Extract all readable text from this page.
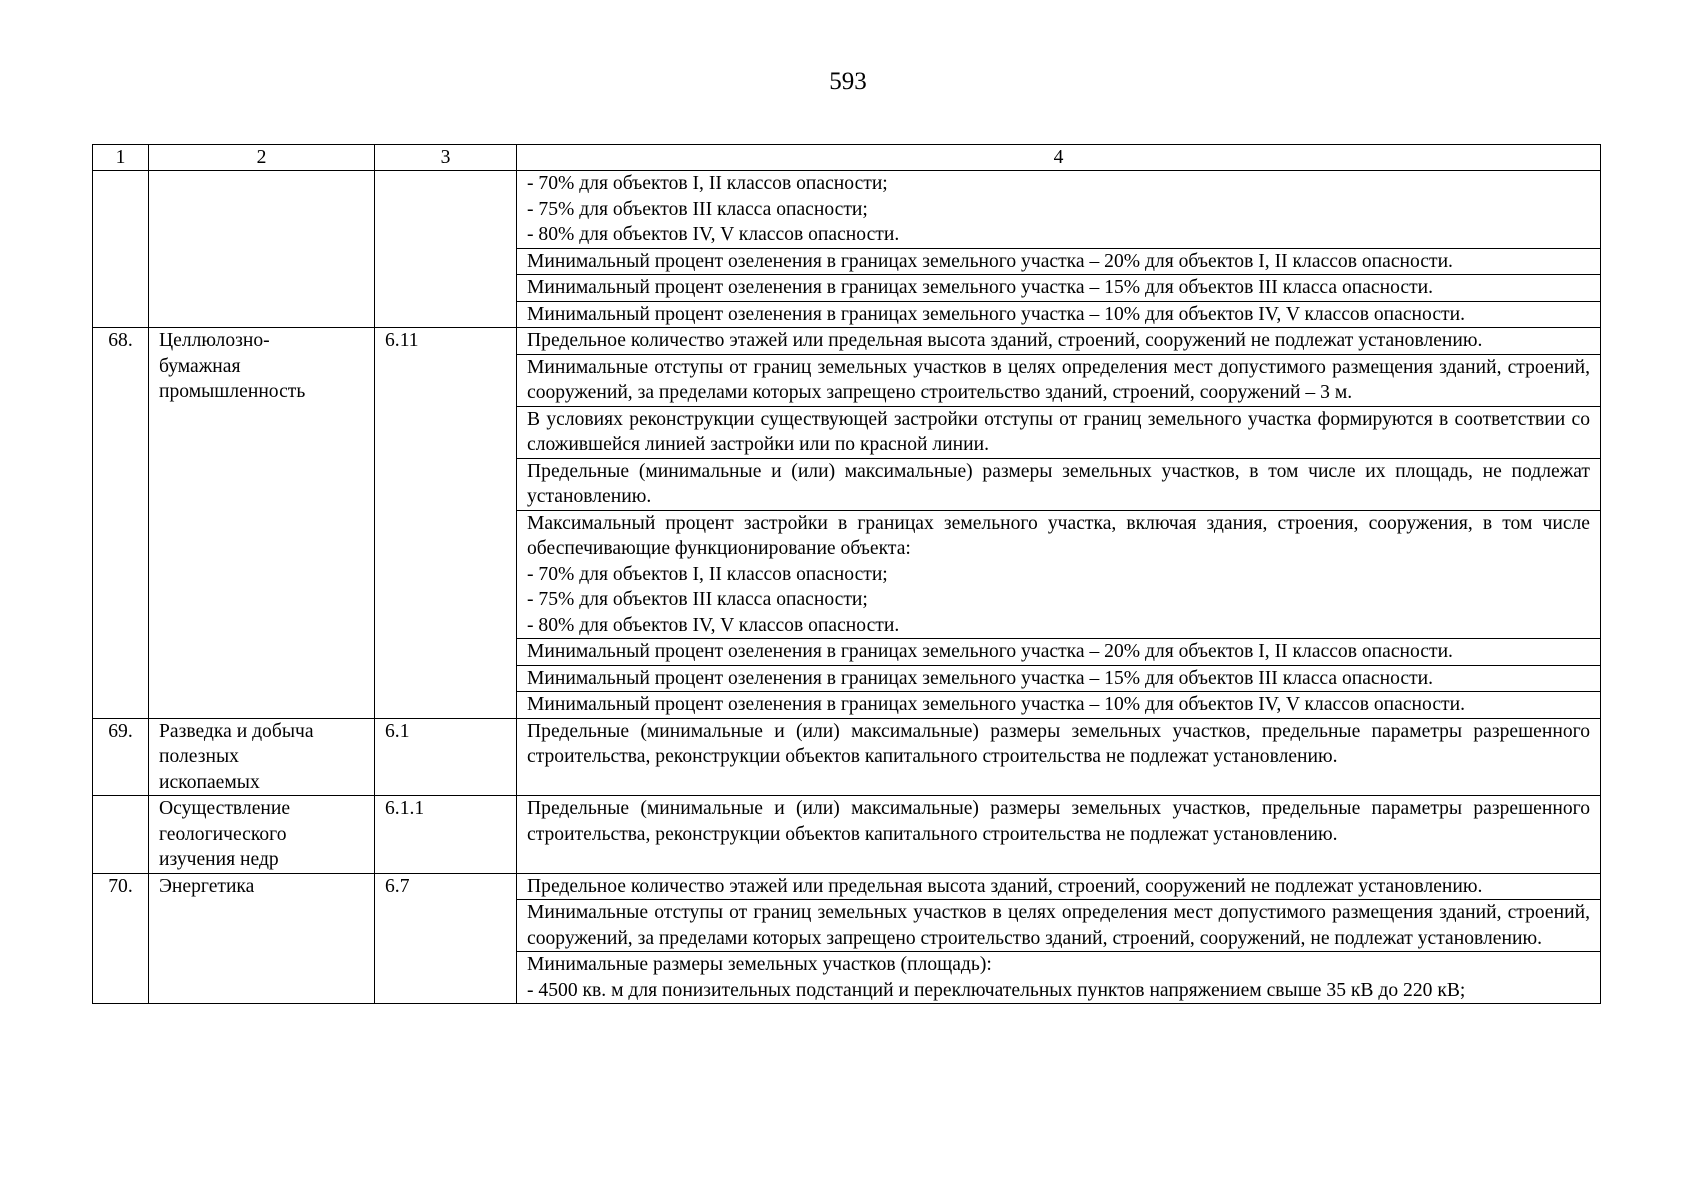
593
1	2	3	4

			- 70% для объектов I, II классов опасности;
- 75% для объектов III класса опасности;
- 80% для объектов IV, V классов опасности.

			Минимальный процент озеленения в границах земельного участка – 20% для объектов I, II классов опасности.

			Минимальный процент озеленения в границах земельного участка – 15% для объектов III класса опасности.

			Минимальный процент озеленения в границах земельного участка – 10% для объектов IV, V классов опасности.

68.	Целлюлозно-
бумажная
промышленность	6.11	Предельное количество этажей или предельная высота зданий, строений, сооружений не подлежат установлению.

			Минимальные отступы от границ земельных участков в целях определения мест допустимого размещения зданий, строений, сооружений, за пределами которых запрещено строительство зданий, строений, сооружений – 3 м.

			В условиях реконструкции существующей застройки отступы от границ земельного участка формируются в соответствии со сложившейся линией застройки или по красной линии.

			Предельные (минимальные и (или) максимальные) размеры земельных участков, в том числе их площадь, не подлежат установлению.

			Максимальный процент застройки в границах земельного участка, включая здания, строения, сооружения, в том числе обеспечивающие функционирование объекта:
- 70% для объектов I, II классов опасности;
- 75% для объектов III класса опасности;
- 80% для объектов IV, V классов опасности.

			Минимальный процент озеленения в границах земельного участка – 20% для объектов I, II классов опасности.

			Минимальный процент озеленения в границах земельного участка – 15% для объектов III класса опасности.

			Минимальный процент озеленения в границах земельного участка – 10% для объектов IV, V классов опасности.

69.	Разведка и добыча
полезных
ископаемых	6.1	Предельные (минимальные и (или) максимальные) размеры земельных участков, предельные параметры разрешенного строительства, реконструкции объектов капитального строительства не подлежат установлению.

	Осуществление
геологического
изучения недр	6.1.1	Предельные (минимальные и (или) максимальные) размеры земельных участков, предельные параметры разрешенного строительства, реконструкции объектов капитального строительства не подлежат установлению.

70.	Энергетика	6.7	Предельное количество этажей или предельная высота зданий, строений, сооружений не подлежат установлению.

			Минимальные отступы от границ земельных участков в целях определения мест допустимого размещения зданий, строений, сооружений, за пределами которых запрещено строительство зданий, строений, сооружений, не подлежат установлению.

			Минимальные размеры земельных участков (площадь):
- 4500 кв. м для понизительных подстанций и переключательных пунктов напряжением свыше 35 кВ до 220 кВ;
